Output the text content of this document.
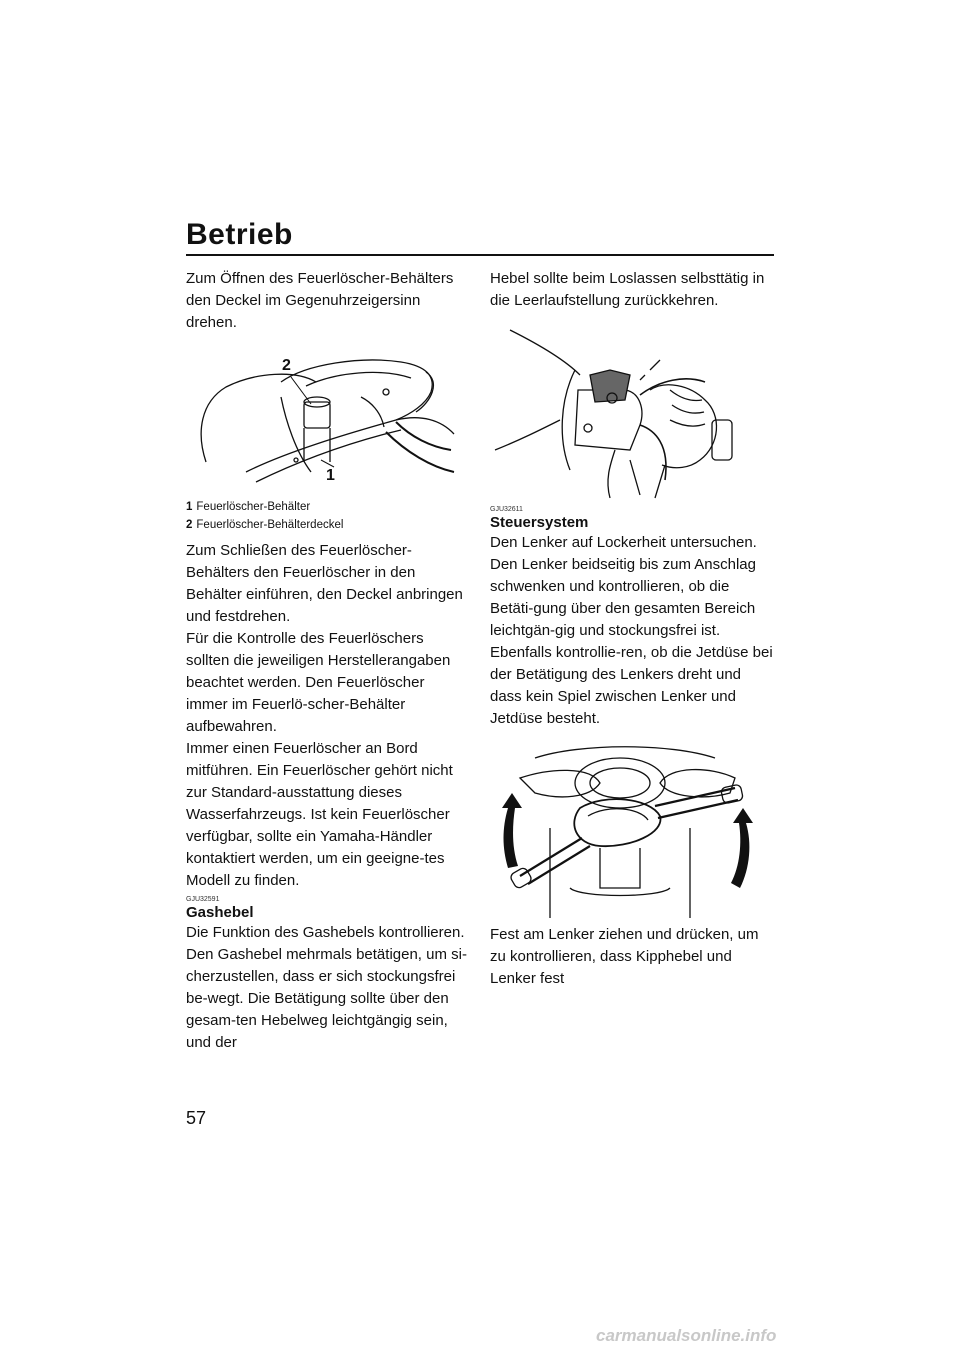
Betrieb

Zum Öffnen des Feuerlöscher-Behälters den Deckel im Gegenuhrzeigersinn drehen.

2
1
1 Feuerlöscher-Behälter
2 Feuerlöscher-Behälterdeckel

Zum Schließen des Feuerlöscher-Behälters den Feuerlöscher in den Behälter einführen, den Deckel anbringen und festdrehen.

Für die Kontrolle des Feuerlöschers sollten die jeweiligen Herstellerangaben beachtet werden. Den Feuerlöscher immer im Feuerlö-scher-Behälter aufbewahren.

Immer einen Feuerlöscher an Bord mitführen. Ein Feuerlöscher gehört nicht zur Standard-ausstattung dieses Wasserfahrzeugs. Ist kein Feuerlöscher verfügbar, sollte ein Yamaha-Händler kontaktiert werden, um ein geeigne-tes Modell zu finden.

GJU32591
Gashebel

Die Funktion des Gashebels kontrollieren.

Den Gashebel mehrmals betätigen, um si-cherzustellen, dass er sich stockungsfrei be-wegt. Die Betätigung sollte über den gesam-ten Hebelweg leichtgängig sein, und der

Hebel sollte beim Loslassen selbsttätig in die Leerlaufstellung zurückkehren.

GJU32611
Steuersystem

Den Lenker auf Lockerheit untersuchen.

Den Lenker beidseitig bis zum Anschlag schwenken und kontrollieren, ob die Betäti-gung über den gesamten Bereich leichtgän-gig und stockungsfrei ist. Ebenfalls kontrollie-ren, ob die Jetdüse bei der Betätigung des Lenkers dreht und dass kein Spiel zwischen Lenker und Jetdüse besteht.

Fest am Lenker ziehen und drücken, um zu kontrollieren, dass Kipphebel und Lenker fest

57
carmanualsonline.info
